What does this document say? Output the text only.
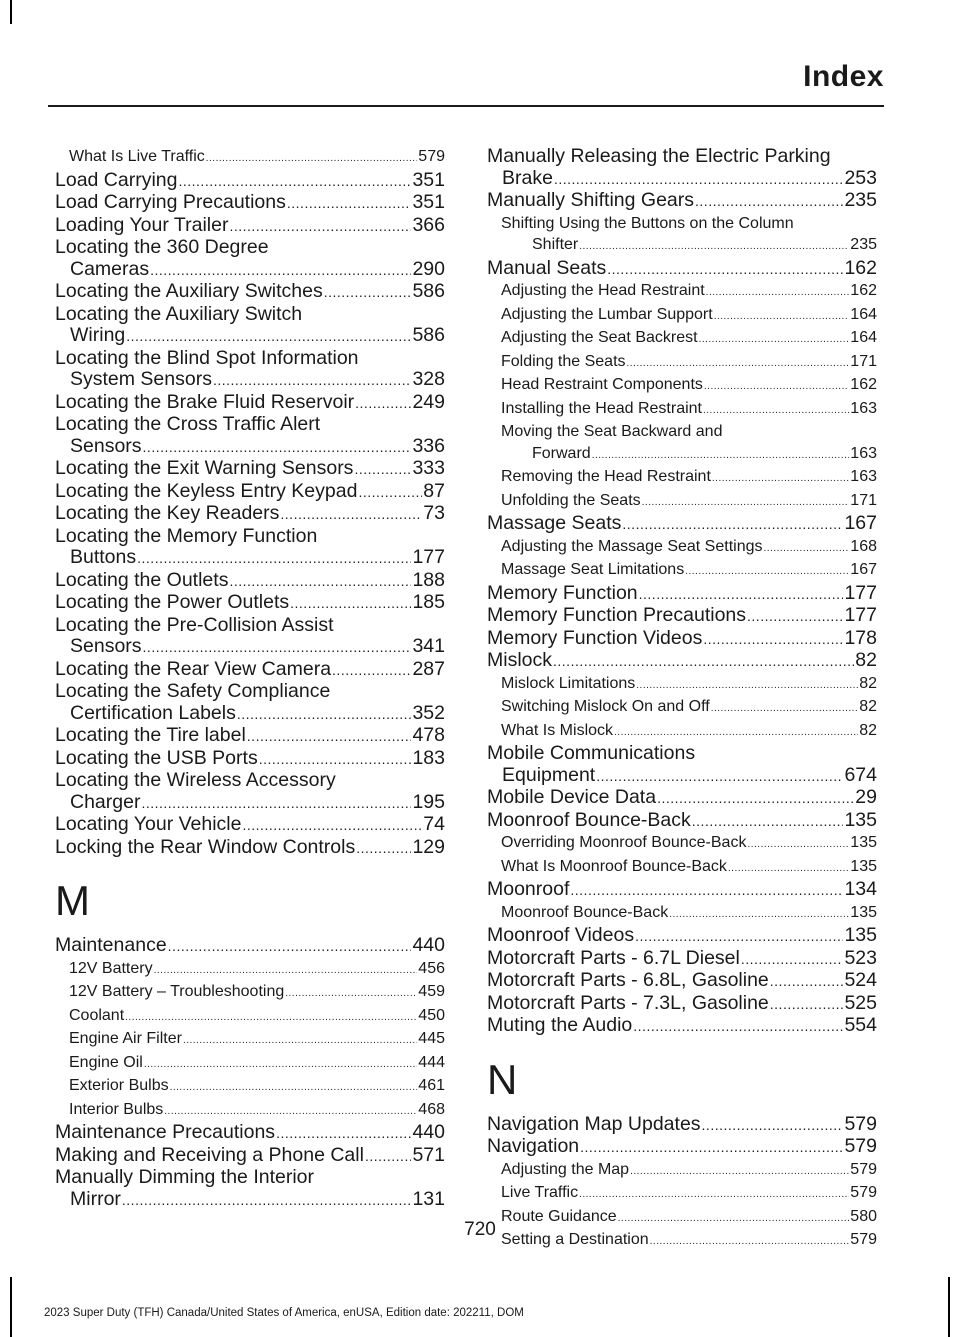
Index
What Is Live Traffic .....	579
Load Carrying .....	351
Load Carrying Precautions .....	351
Loading Your Trailer .....	366
Locating the 360 Degree
Cameras .....	290
Locating the Auxiliary Switches .....	586
Locating the Auxiliary Switch
Wiring .....	586
Locating the Blind Spot Information
System Sensors .....	328
Locating the Brake Fluid Reservoir .....	249
Locating the Cross Traffic Alert
Sensors .....	336
Locating the Exit Warning Sensors .....	333
Locating the Keyless Entry Keypad .....	87
Locating the Key Readers .....	73
Locating the Memory Function
Buttons .....	177
Locating the Outlets .....	188
Locating the Power Outlets .....	185
Locating the Pre-Collision Assist
Sensors .....	341
Locating the Rear View Camera .....	287
Locating the Safety Compliance
Certification Labels .....	352
Locating the Tire label .....	478
Locating the USB Ports .....	183
Locating the Wireless Accessory
Charger .....	195
Locating Your Vehicle .....	74
Locking the Rear Window Controls .....	129
M
Maintenance .....	440
12V Battery .....	456
12V Battery – Troubleshooting .....	459
Coolant .....	450
Engine Air Filter .....	445
Engine Oil .....	444
Exterior Bulbs .....	461
Interior Bulbs .....	468
Maintenance Precautions .....	440
Making and Receiving a Phone Call ..... 571
Manually Dimming the Interior
Mirror .....	131
Manually Releasing the Electric Parking
Brake .....	253
Manually Shifting Gears .....	235
Shifting Using the Buttons on the Column
Shifter .....	235
Manual Seats .....	162
Adjusting the Head Restraint .....	162
Adjusting the Lumbar Support .....	164
Adjusting the Seat Backrest .....	164
Folding the Seats .....	171
Head Restraint Components .....	162
Installing the Head Restraint .....	163
Moving the Seat Backward and
Forward .....	163
Removing the Head Restraint .....	163
Unfolding the Seats .....	171
Massage Seats .....	167
Adjusting the Massage Seat Settings .....	168
Massage Seat Limitations .....	167
Memory Function .....	177
Memory Function Precautions .....	177
Memory Function Videos .....	178
Mislock .....	82
Mislock Limitations .....	82
Switching Mislock On and Off .....	82
What Is Mislock .....	82
Mobile Communications
Equipment .....	674
Mobile Device Data .....	29
Moonroof Bounce-Back .....	135
Overriding Moonroof Bounce-Back .....	135
What Is Moonroof Bounce-Back .....	135
Moonroof .....	134
Moonroof Bounce-Back .....	135
Moonroof Videos .....	135
Motorcraft Parts - 6.7L Diesel .....	523
Motorcraft Parts - 6.8L, Gasoline .....	524
Motorcraft Parts - 7.3L, Gasoline .....	525
Muting the Audio .....	554
N
Navigation Map Updates .....	579
Navigation .....	579
Adjusting the Map .....	579
Live Traffic .....	579
Route Guidance .....	580
Setting a Destination .....	579
720
2023 Super Duty (TFH) Canada/United States of America, enUSA, Edition date: 202211, DOM
